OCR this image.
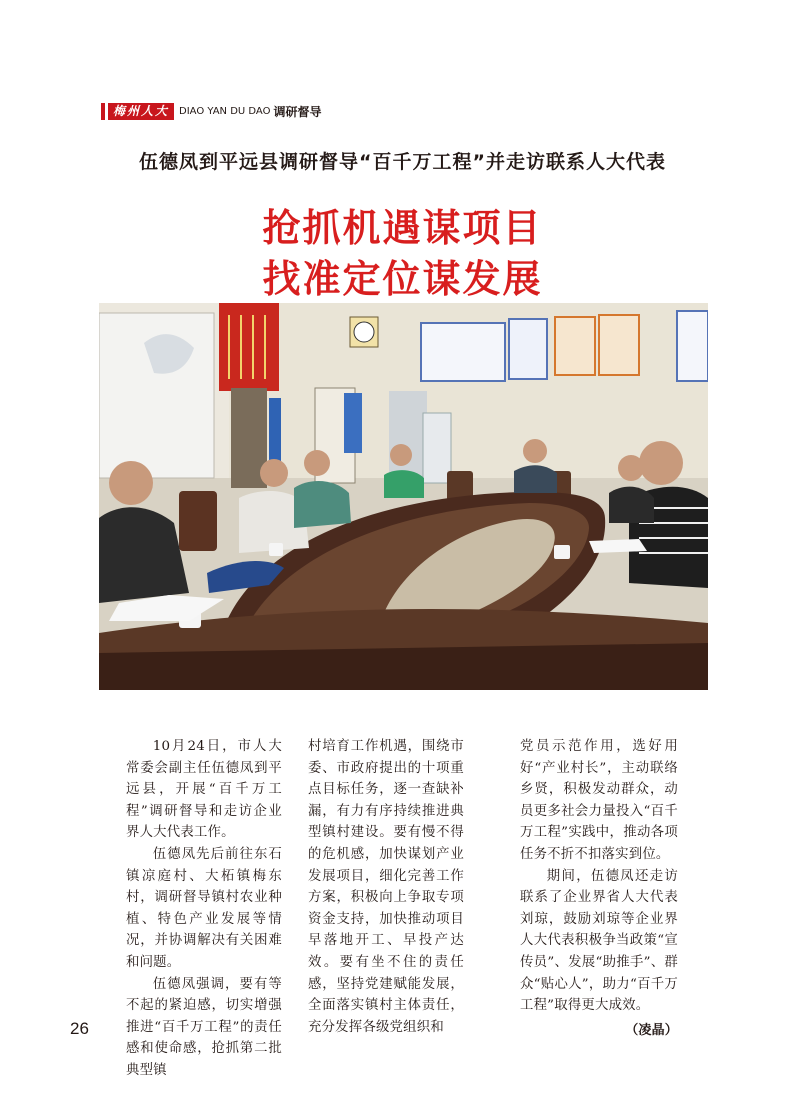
梅州人大	DIAO YAN DU DAO 调研督导
伍德凤到平远县调研督导“百千万工程”并走访联系人大代表
抢抓机遇谋项目
找准定位谋发展

10月24日，市人大常委会副主任伍德凤到平远县，开展“百千万工程”调研督导和走访企业界人大代表工作。

伍德凤先后前往东石镇凉庭村、大柘镇梅东村，调研督导镇村农业种植、特色产业发展等情况，并协调解决有关困难和问题。

伍德凤强调，要有等不起的紧迫感，切实增强推进“百千万工程”的责任感和使命感，抢抓第二批典型镇

村培育工作机遇，围绕市委、市政府提出的十项重点目标任务，逐一查缺补漏，有力有序持续推进典型镇村建设。要有慢不得的危机感，加快谋划产业发展项目，细化完善工作方案，积极向上争取专项资金支持，加快推动项目早落地开工、早投产达效。要有坐不住的责任感，坚持党建赋能发展，全面落实镇村主体责任，充分发挥各级党组织和

党员示范作用，选好用好“产业村长”，主动联络乡贤，积极发动群众，动员更多社会力量投入“百千万工程”实践中，推动各项任务不折不扣落实到位。

期间，伍德凤还走访联系了企业界省人大代表刘琼，鼓励刘琼等企业界人大代表积极争当政策“宣传员”、发展“助推手”、群众“贴心人”，助力“百千万工程”取得更大成效。

（凌晶）
26
